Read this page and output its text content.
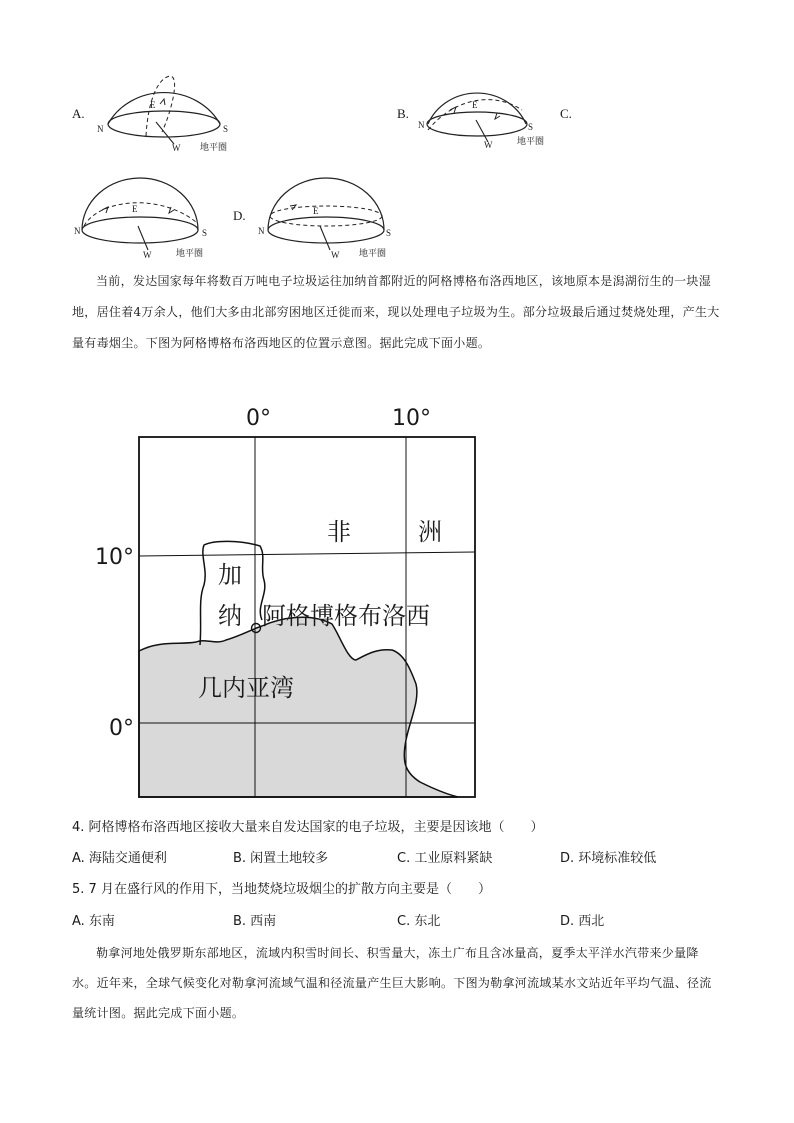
A.
N	S
E
W 地平圈
B.
N	S
E
W	地平圈
C.
N	S
E
W	地平圈
D.
N	S
E
W 地平圈
当前，发达国家每年将数百万吨电子垃圾运往加纳首都附近的阿格博格布洛西地区，该地原本是潟湖衍生的一块湿地，居住着4万余人，他们大多由北部穷困地区迁徙而来，现以处理电子垃圾为生。部分垃圾最后通过焚烧处理，产生大量有毒烟尘。下图为阿格博格布洛西地区的位置示意图。据此完成下面小题。
0°	10°
10°
0°
非	洲
加
纳 阿格博格布洛西
几内亚湾
4. 阿格博格布洛西地区接收大量来自发达国家的电子垃圾，主要是因该地（　　）
A. 海陆交通便利	B. 闲置土地较多	C. 工业原料紧缺	D. 环境标准较低
5. 7 月在盛行风的作用下，当地焚烧垃圾烟尘的扩散方向主要是（　　）
A. 东南	B. 西南	C. 东北	D. 西北
勒拿河地处俄罗斯东部地区，流域内积雪时间长、积雪量大，冻土广布且含冰量高，夏季太平洋水汽带来少量降水。近年来，全球气候变化对勒拿河流域气温和径流量产生巨大影响。下图为勒拿河流域某水文站近年平均气温、径流量统计图。据此完成下面小题。
